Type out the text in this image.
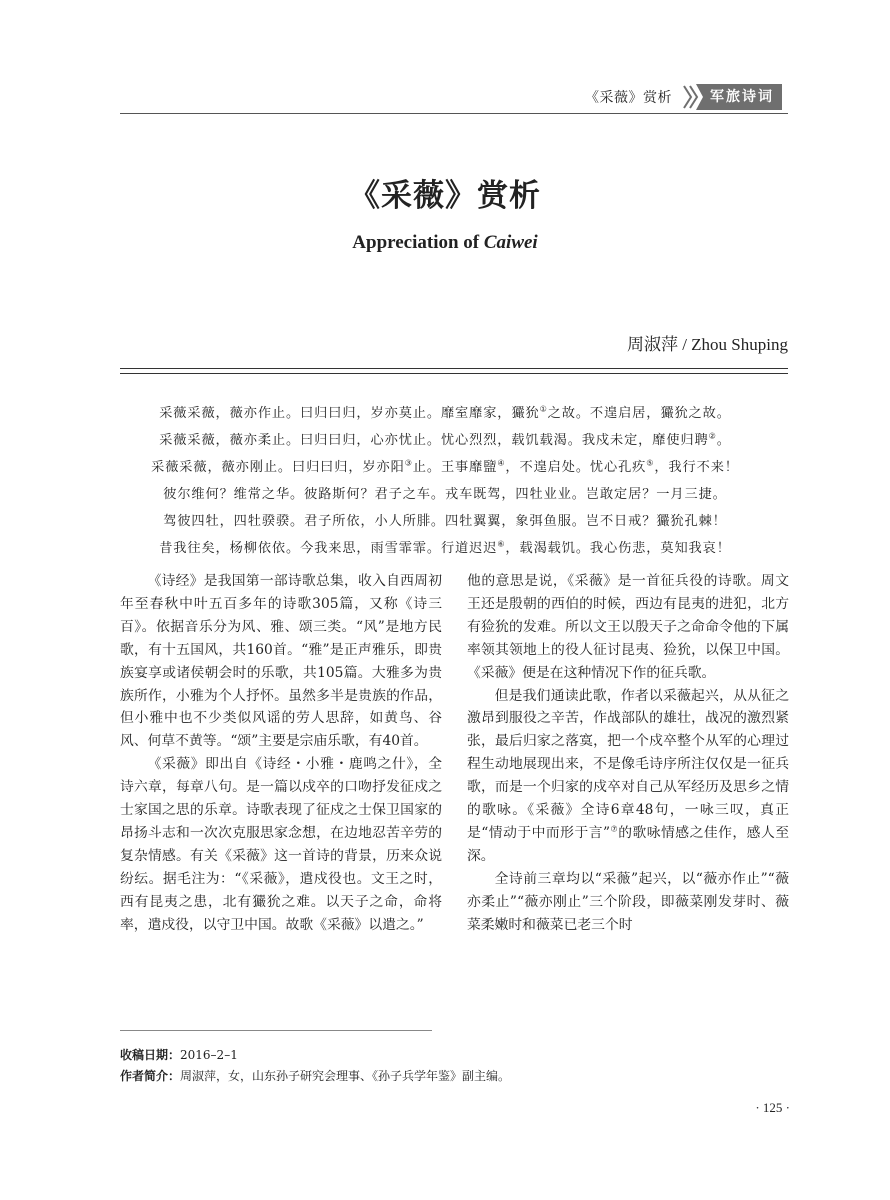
《采薇》赏析	军旅诗词
《采薇》赏析
Appreciation of Caiwei
周淑萍 / Zhou Shuping
采薇采薇，薇亦作止。曰归曰归，岁亦莫止。靡室靡家，玁狁①之故。不遑启居，玁狁之故。
采薇采薇，薇亦柔止。曰归曰归，心亦忧止。忧心烈烈，载饥载渴。我戍未定，靡使归聘②。
采薇采薇，薇亦刚止。曰归曰归，岁亦阳③止。王事靡盬④，不遑启处。忧心孔疚⑤，我行不来！
彼尔维何？维常之华。彼路斯何？君子之车。戎车既驾，四牡业业。岂敢定居？一月三捷。
驾彼四牡，四牡骙骙。君子所依，小人所腓。四牡翼翼，象弭鱼服。岂不日戒？玁狁孔棘！
昔我往矣，杨柳依依。今我来思，雨雪霏霏。行道迟迟⑥，载渴载饥。我心伤悲，莫知我哀！

《诗经》是我国第一部诗歌总集，收入自西周初年至春秋中叶五百多年的诗歌305篇，又称《诗三百》。依据音乐分为风、雅、颂三类。“风”是地方民歌，有十五国风，共160首。“雅”是正声雅乐，即贵族宴享或诸侯朝会时的乐歌，共105篇。大雅多为贵族所作，小雅为个人抒怀。虽然多半是贵族的作品，但小雅中也不少类似风谣的劳人思辞，如黄鸟、谷风、何草不黄等。“颂”主要是宗庙乐歌，有40首。

《采薇》即出自《诗经・小雅・鹿鸣之什》，全诗六章，每章八句。是一篇以戍卒的口吻抒发征戍之士家国之思的乐章。诗歌表现了征戍之士保卫国家的昂扬斗志和一次次克服思家念想，在边地忍苦辛劳的复杂情感。有关《采薇》这一首诗的背景，历来众说纷纭。据毛注为：“《采薇》，遣戍役也。文王之时，西有昆夷之患，北有玁狁之难。以天子之命，命将率，遣戍役，以守卫中国。故歌《采薇》以遣之。”

他的意思是说，《采薇》是一首征兵役的诗歌。周文王还是殷朝的西伯的时候，西边有昆夷的进犯，北方有猃狁的发难。所以文王以殷天子之命命令他的下属率领其领地上的役人征讨昆夷、猃狁，以保卫中国。《采薇》便是在这种情况下作的征兵歌。

但是我们通读此歌，作者以采薇起兴，从从征之激昂到服役之辛苦，作战部队的雄壮，战况的激烈紧张，最后归家之落寞，把一个戍卒整个从军的心理过程生动地展现出来，不是像毛诗序所注仅仅是一征兵歌，而是一个归家的戍卒对自己从军经历及思乡之情的歌咏。《采薇》全诗6章48句，一咏三叹，真正是“情动于中而形于言”⑦的歌咏情感之佳作，感人至深。

全诗前三章均以“采薇”起兴，以“薇亦作止”“薇亦柔止”“薇亦刚止”三个阶段，即薇菜刚发芽时、薇菜柔嫩时和薇菜已老三个时

收稿日期：2016–2–1
作者简介：周淑萍，女，山东孙子研究会理事、《孙子兵学年鉴》副主编。
· 125 ·
